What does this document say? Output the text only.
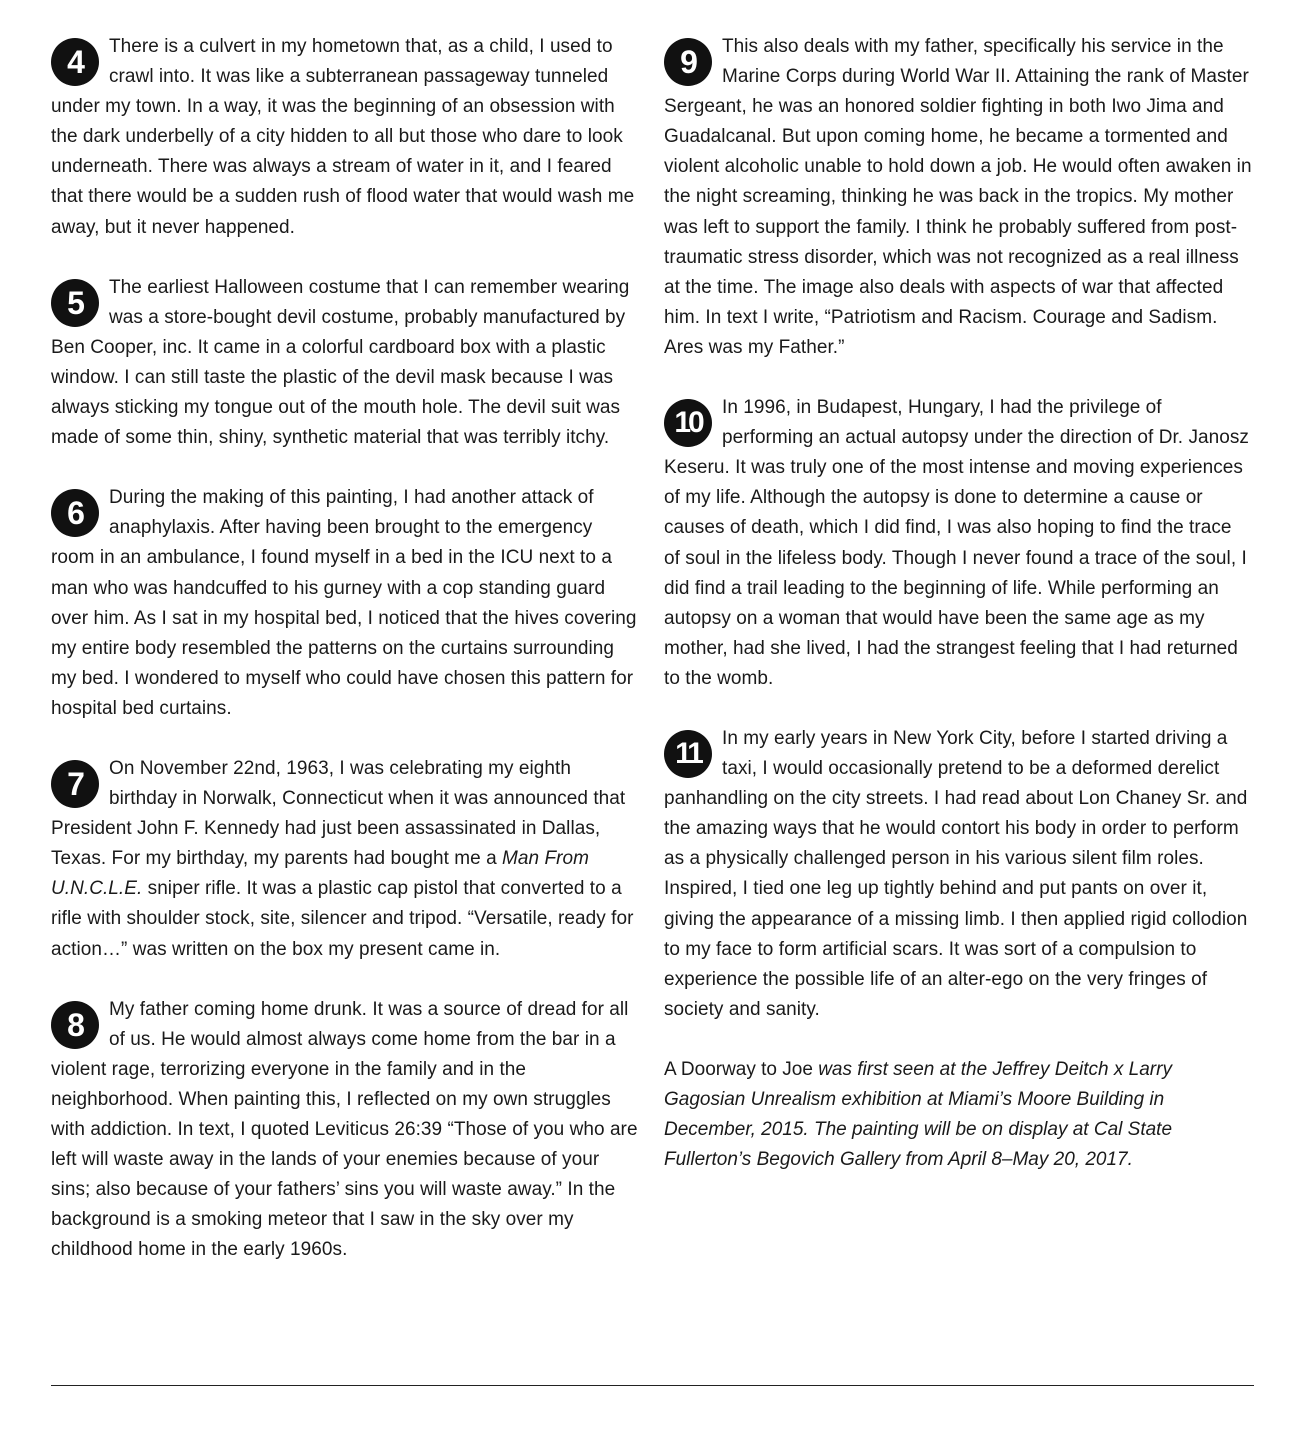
4	There is a culvert in my hometown that, as a child, I used to crawl into. It was like a subterranean passageway tunneled under my town. In a way, it was the beginning of an obsession with the dark underbelly of a city hidden to all but those who dare to look underneath. There was always a stream of water in it, and I feared that there would be a sudden rush of flood water that would wash me away, but it never happened.

5	The earliest Halloween costume that I can remember wearing was a store-bought devil costume, probably manufactured by Ben Cooper, inc. It came in a colorful cardboard box with a plastic window. I can still taste the plastic of the devil mask because I was always sticking my tongue out of the mouth hole. The devil suit was made of some thin, shiny, synthetic material that was terribly itchy.

6	During the making of this painting, I had another attack of anaphylaxis. After having been brought to the emergency room in an ambulance, I found myself in a bed in the ICU next to a man who was handcuffed to his gurney with a cop standing guard over him. As I sat in my hospital bed, I noticed that the hives covering my entire body resembled the patterns on the curtains surrounding my bed. I wondered to myself who could have chosen this pattern for hospital bed curtains.

7	On November 22nd, 1963, I was celebrating my eighth birthday in Norwalk, Connecticut when it was announced that President John F. Kennedy had just been assassinated in Dallas, Texas. For my birthday, my parents had bought me a Man From U.N.C.L.E. sniper rifle. It was a plastic cap pistol that converted to a rifle with shoulder stock, site, silencer and tripod. “Versatile, ready for action…” was written on the box my present came in.

8	My father coming home drunk. It was a source of dread for all of us. He would almost always come home from the bar in a violent rage, terrorizing everyone in the family and in the neighborhood. When painting this, I reflected on my own struggles with addiction. In text, I quoted Leviticus 26:39 “Those of you who are left will waste away in the lands of your enemies because of your sins; also because of your fathers’ sins you will waste away.” In the background is a smoking meteor that I saw in the sky over my childhood home in the early 1960s.

9	This also deals with my father, specifically his service in the Marine Corps during World War II. Attaining the rank of Master Sergeant, he was an honored soldier fighting in both Iwo Jima and Guadalcanal. But upon coming home, he became a tormented and violent alcoholic unable to hold down a job. He would often awaken in the night screaming, thinking he was back in the tropics. My mother was left to support the family. I think he probably suffered from post-traumatic stress disorder, which was not recognized as a real illness at the time. The image also deals with aspects of war that affected him. In text I write, “Patriotism and Racism. Courage and Sadism. Ares was my Father.”

10	In 1996, in Budapest, Hungary, I had the privilege of performing an actual autopsy under the direction of Dr. Janosz Keseru. It was truly one of the most intense and moving experiences of my life. Although the autopsy is done to determine a cause or causes of death, which I did find, I was also hoping to find the trace of soul in the lifeless body. Though I never found a trace of the soul, I did find a trail leading to the beginning of life. While performing an autopsy on a woman that would have been the same age as my mother, had she lived, I had the strangest feeling that I had returned to the womb.

11	In my early years in New York City, before I started driving a taxi, I would occasionally pretend to be a deformed derelict panhandling on the city streets. I had read about Lon Chaney Sr. and the amazing ways that he would contort his body in order to perform as a physically challenged person in his various silent film roles. Inspired, I tied one leg up tightly behind and put pants on over it, giving the appearance of a missing limb. I then applied rigid collodion to my face to form artificial scars. It was sort of a compulsion to experience the possible life of an alter-ego on the very fringes of society and sanity.

A Doorway to Joe was first seen at the Jeffrey Deitch x Larry Gagosian Unrealism exhibition at Miami’s Moore Building in December, 2015. The painting will be on display at Cal State Fullerton’s Begovich Gallery from April 8–May 20, 2017.
